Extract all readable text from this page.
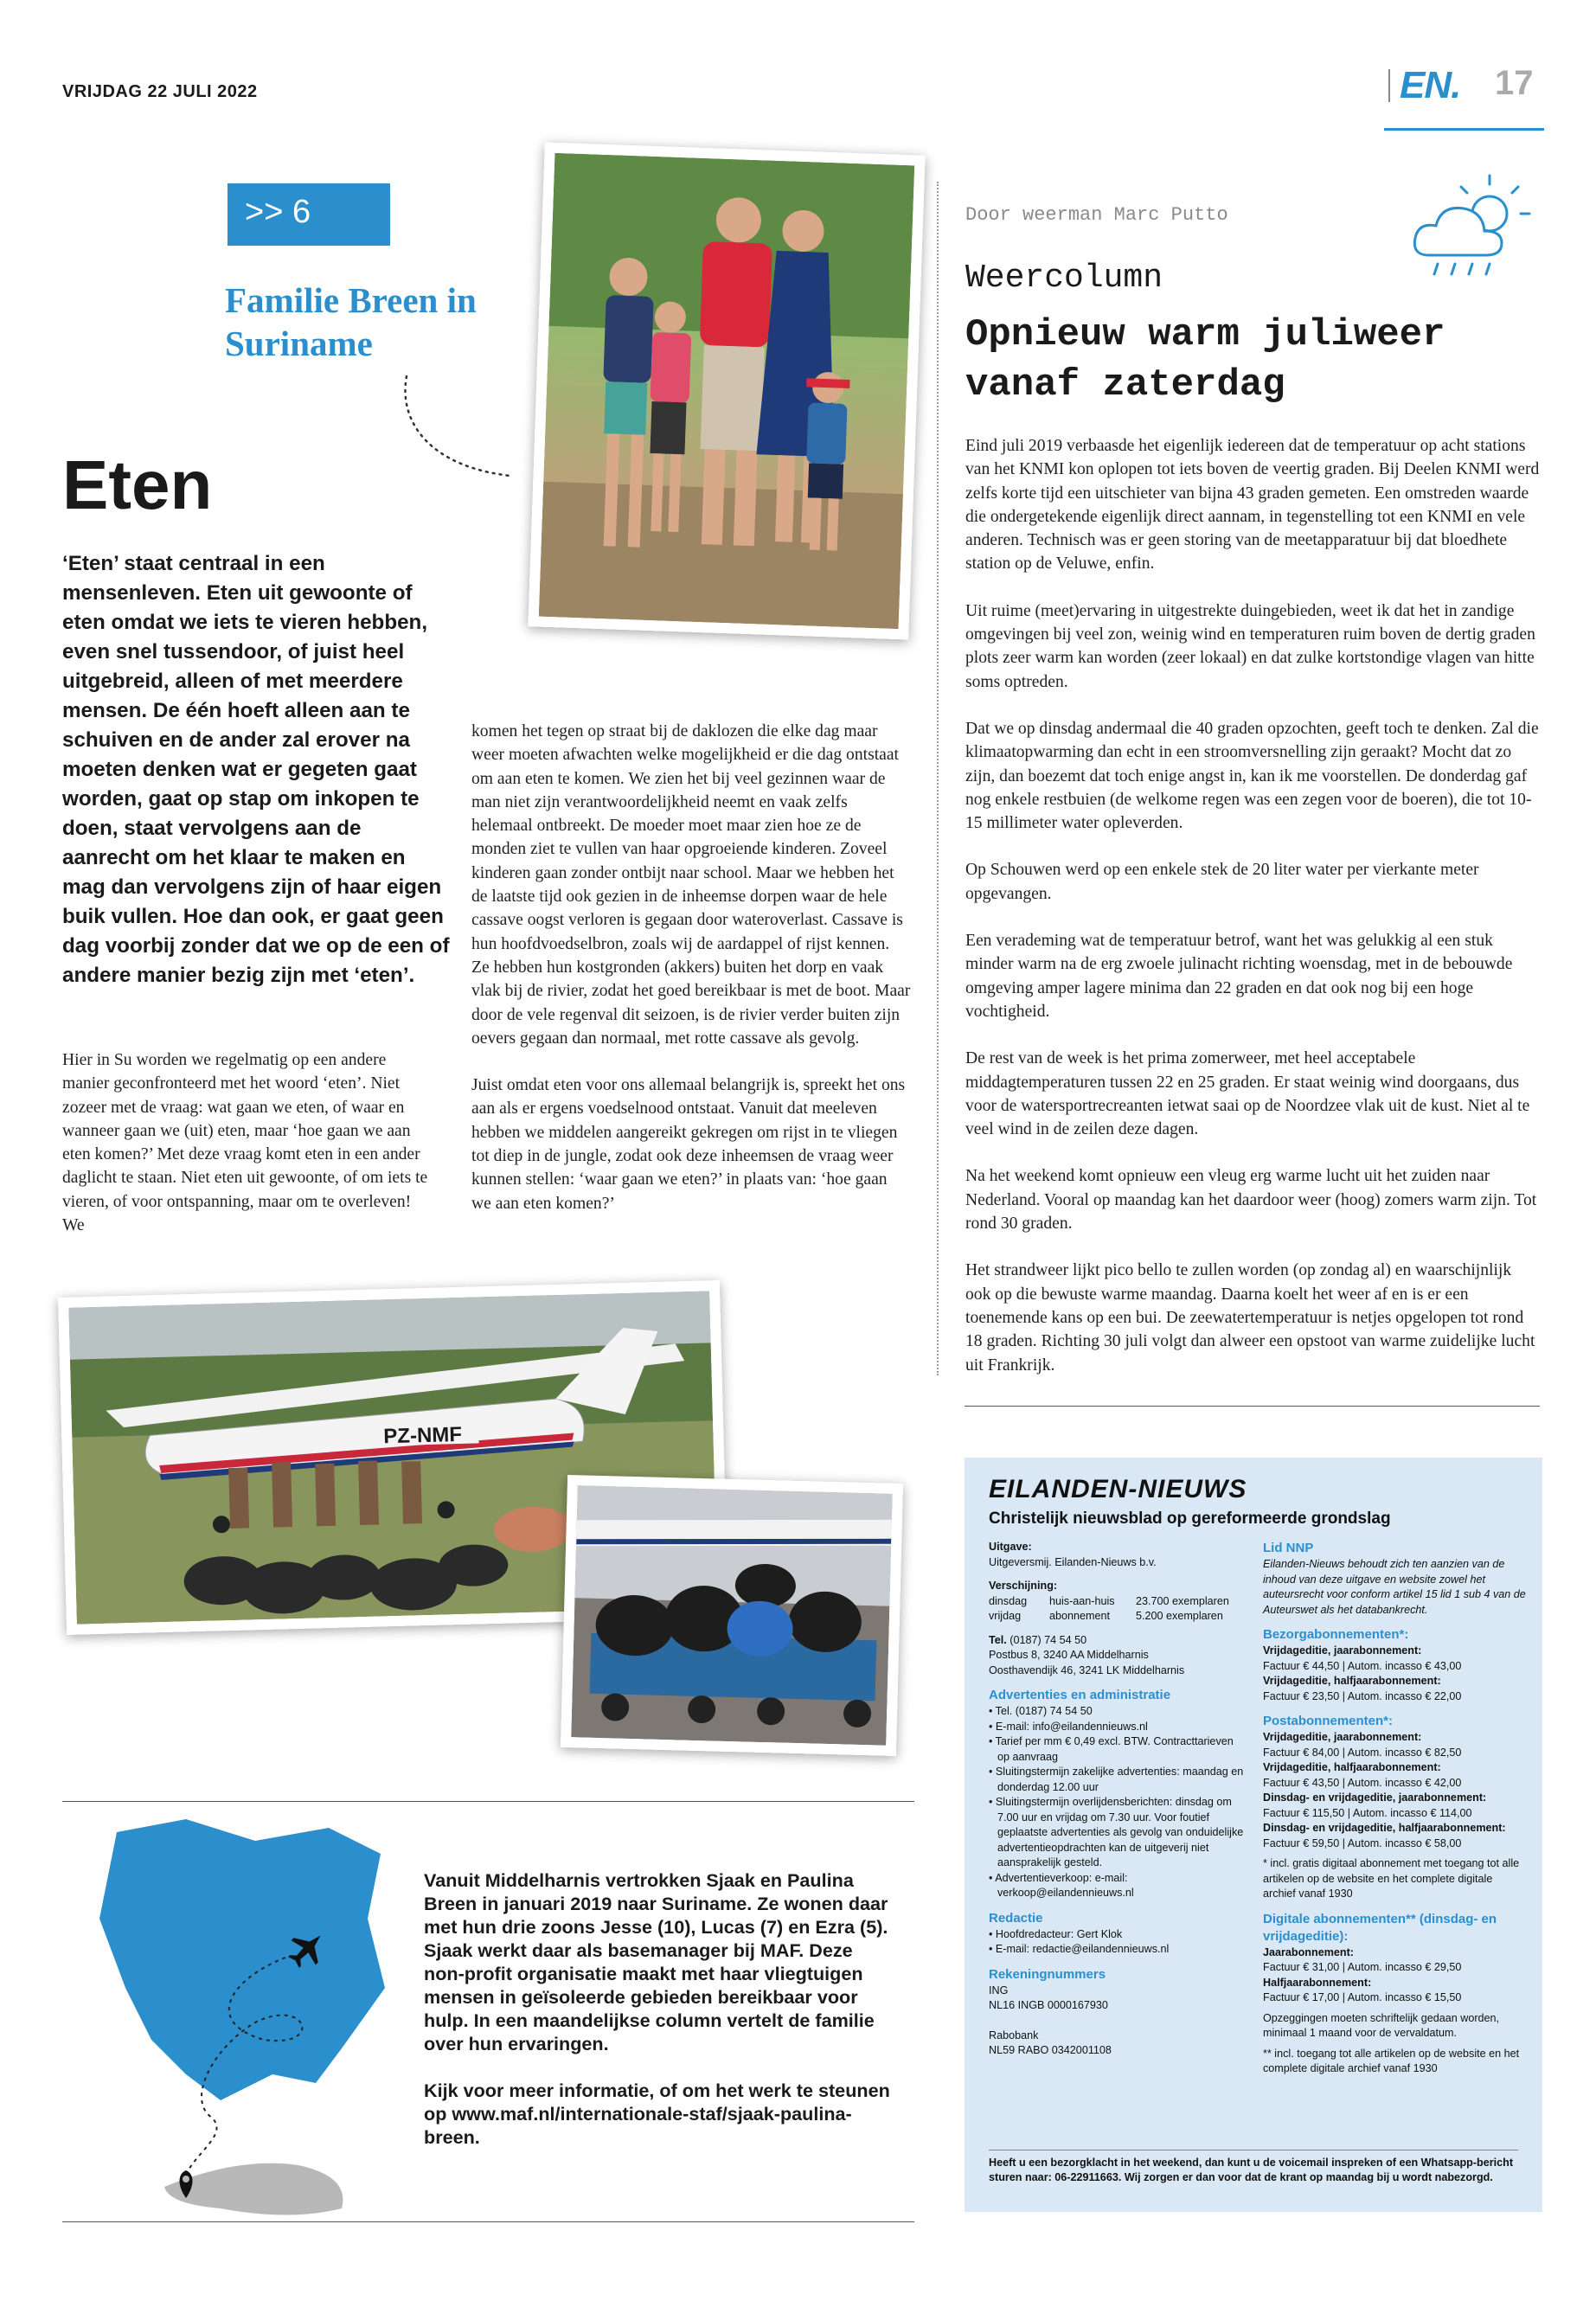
VRIJDAG 22 JULI 2022	EN. 17
>> 6
Familie Breen in Suriname
Eten

‘Eten’ staat centraal in een mensenleven. Eten uit gewoonte of eten omdat we iets te vieren hebben, even snel tussendoor, of juist heel uitgebreid, alleen of met meerdere mensen. De één hoeft alleen aan te schuiven en de ander zal erover na moeten denken wat er gegeten gaat worden, gaat op stap om inkopen te doen, staat vervolgens aan de aanrecht om het klaar te maken en mag dan vervolgens zijn of haar eigen buik vullen. Hoe dan ook, er gaat geen dag voorbij zonder dat we op de een of andere manier bezig zijn met ‘eten’.

Hier in Su worden we regelmatig op een andere manier geconfronteerd met het woord ‘eten’. Niet zozeer met de vraag: wat gaan we eten, of waar en wanneer gaan we (uit) eten, maar ‘hoe gaan we aan eten komen?’ Met deze vraag komt eten in een ander daglicht te staan. Niet eten uit gewoonte, of om iets te vieren, of voor ontspanning, maar om te overleven! We

komen het tegen op straat bij de daklozen die elke dag maar weer moeten afwachten welke mogelijkheid er die dag ontstaat om aan eten te komen. We zien het bij veel gezinnen waar de man niet zijn verantwoordelijkheid neemt en vaak zelfs helemaal ontbreekt. De moeder moet maar zien hoe ze de monden ziet te vullen van haar opgroeiende kinderen. Zoveel kinderen gaan zonder ontbijt naar school. Maar we hebben het de laatste tijd ook gezien in de inheemse dorpen waar de hele cassave oogst verloren is gegaan door wateroverlast. Cassave is hun hoofdvoedselbron, zoals wij de aardappel of rijst kennen. Ze hebben hun kostgronden (akkers) buiten het dorp en vaak vlak bij de rivier, zodat het goed bereikbaar is met de boot. Maar door de vele regenval dit seizoen, is de rivier verder buiten zijn oevers gegaan dan normaal, met rotte cassave als gevolg.

Juist omdat eten voor ons allemaal belangrijk is, spreekt het ons aan als er ergens voedselnood ontstaat. Vanuit dat meeleven hebben we middelen aangereikt gekregen om rijst in te vliegen tot diep in de jungle, zodat ook deze inheemsen de vraag weer kunnen stellen: ‘waar gaan we eten?’ in plaats van: ‘hoe gaan we aan eten komen?’

PZ-NMF

Vanuit Middelharnis vertrokken Sjaak en Paulina Breen in januari 2019 naar Suriname. Ze wonen daar met hun drie zoons Jesse (10), Lucas (7) en Ezra (5). Sjaak werkt daar als basemanager bij MAF. Deze non-profit organisatie maakt met haar vliegtuigen mensen in geïsoleerde gebieden bereikbaar voor hulp. In een maandelijkse column vertelt de familie over hun ervaringen.

Kijk voor meer informatie, of om het werk te steunen op www.maf.nl/internationale-staf/sjaak-paulina-breen.

Door weerman Marc Putto
Weercolumn
Opnieuw warm juliweer vanaf zaterdag

Eind juli 2019 verbaasde het eigenlijk iedereen dat de temperatuur op acht stations van het KNMI kon oplopen tot iets boven de veertig graden. Bij Deelen KNMI werd zelfs korte tijd een uitschieter van bijna 43 graden gemeten. Een omstreden waarde die ondergetekende eigenlijk direct aannam, in tegenstelling tot een KNMI en vele anderen. Technisch was er geen storing van de meetapparatuur bij dat bloedhete station op de Veluwe, enfin.

Uit ruime (meet)ervaring in uitgestrekte duingebieden, weet ik dat het in zandige omgevingen bij veel zon, weinig wind en temperaturen ruim boven de dertig graden plots zeer warm kan worden (zeer lokaal) en dat zulke kortstondige vlagen van hitte soms optreden.

Dat we op dinsdag andermaal die 40 graden opzochten, geeft toch te denken. Zal die klimaatopwarming dan echt in een stroomversnelling zijn geraakt? Mocht dat zo zijn, dan boezemt dat toch enige angst in, kan ik me voorstellen. De donderdag gaf nog enkele restbuien (de welkome regen was een zegen voor de boeren), die tot 10-15 millimeter water opleverden.

Op Schouwen werd op een enkele stek de 20 liter water per vierkante meter opgevangen.

Een verademing wat de temperatuur betrof, want het was gelukkig al een stuk minder warm na de erg zwoele julinacht richting woensdag, met in de bebouwde omgeving amper lagere minima dan 22 graden en dat ook nog bij een hoge vochtigheid.

De rest van de week is het prima zomerweer, met heel acceptabele middagtemperaturen tussen 22 en 25 graden. Er staat weinig wind doorgaans, dus voor de watersportrecreanten ietwat saai op de Noordzee vlak uit de kust. Niet al te veel wind in de zeilen deze dagen.

Na het weekend komt opnieuw een vleug erg warme lucht uit het zuiden naar Nederland. Vooral op maandag kan het daardoor weer (hoog) zomers warm zijn. Tot rond 30 graden.

Het strandweer lijkt pico bello te zullen worden (op zondag al) en waarschijnlijk ook op die bewuste warme maandag. Daarna koelt het weer af en is er een toenemende kans op een bui. De zeewatertemperatuur is netjes opgelopen tot rond 18 graden. Richting 30 juli volgt dan alweer een opstoot van warme zuidelijke lucht uit Frankrijk.

EILANDEN-NIEUWS
Christelijk nieuwsblad op gereformeerde grondslag
Uitgave:
Uitgeversmij. Eilanden-Nieuws b.v.
Verschijning:
dinsdag	huis-aan-huis	23.700 exemplaren
vrijdag	abonnement	5.200 exemplaren
Tel. (0187) 74 54 50
Postbus 8, 3240 AA Middelharnis
Oosthavendijk 46, 3241 LK Middelharnis
Advertenties en administratie
• Tel. (0187) 74 54 50
• E-mail: info@eilandennieuws.nl
• Tarief per mm € 0,49 excl. BTW. Contracttarieven op aanvraag
• Sluitingstermijn zakelijke advertenties: maandag en donderdag 12.00 uur
• Sluitingstermijn overlijdensberichten: dinsdag om 7.00 uur en vrijdag om 7.30 uur. Voor foutief geplaatste advertenties als gevolg van onduidelijke advertentieopdrachten kan de uitgeverij niet aansprakelijk gesteld.
• Advertentieverkoop: e-mail: verkoop@eilandennieuws.nl
Redactie
• Hoofdredacteur: Gert Klok
• E-mail: redactie@eilandennieuws.nl
Rekeningnummers
ING
NL16 INGB 0000167930
Rabobank
NL59 RABO 0342001108
Lid NNP
Eilanden-Nieuws behoudt zich ten aanzien van de inhoud van deze uitgave en website zowel het auteursrecht voor conform artikel 15 lid 1 sub 4 van de Auteurswet als het databankrecht.
Bezorgabonnementen*:
Vrijdageditie, jaarabonnement:
Factuur € 44,50 | Autom. incasso € 43,00
Vrijdageditie, halfjaarabonnement:
Factuur € 23,50 | Autom. incasso € 22,00
Postabonnementen*:
Vrijdageditie, jaarabonnement:
Factuur € 84,00 | Autom. incasso € 82,50
Vrijdageditie, halfjaarabonnement:
Factuur € 43,50 | Autom. incasso € 42,00
Dinsdag- en vrijdageditie, jaarabonnement:
Factuur € 115,50 | Autom. incasso € 114,00
Dinsdag- en vrijdageditie, halfjaarabonnement:
Factuur € 59,50 | Autom. incasso € 58,00
* incl. gratis digitaal abonnement met toegang tot alle artikelen op de website en het complete digitale archief vanaf 1930
Digitale abonnementen** (dinsdag- en vrijdageditie):
Jaarabonnement:
Factuur € 31,00 | Autom. incasso € 29,50
Halfjaarabonnement:
Factuur € 17,00 | Autom. incasso € 15,50
Opzeggingen moeten schriftelijk gedaan worden, minimaal 1 maand voor de vervaldatum.
** incl. toegang tot alle artikelen op de website en het complete digitale archief vanaf 1930
Heeft u een bezorgklacht in het weekend, dan kunt u de voicemail inspreken of een Whatsapp-bericht sturen naar: 06-22911663. Wij zorgen er dan voor dat de krant op maandag bij u wordt nabezorgd.
